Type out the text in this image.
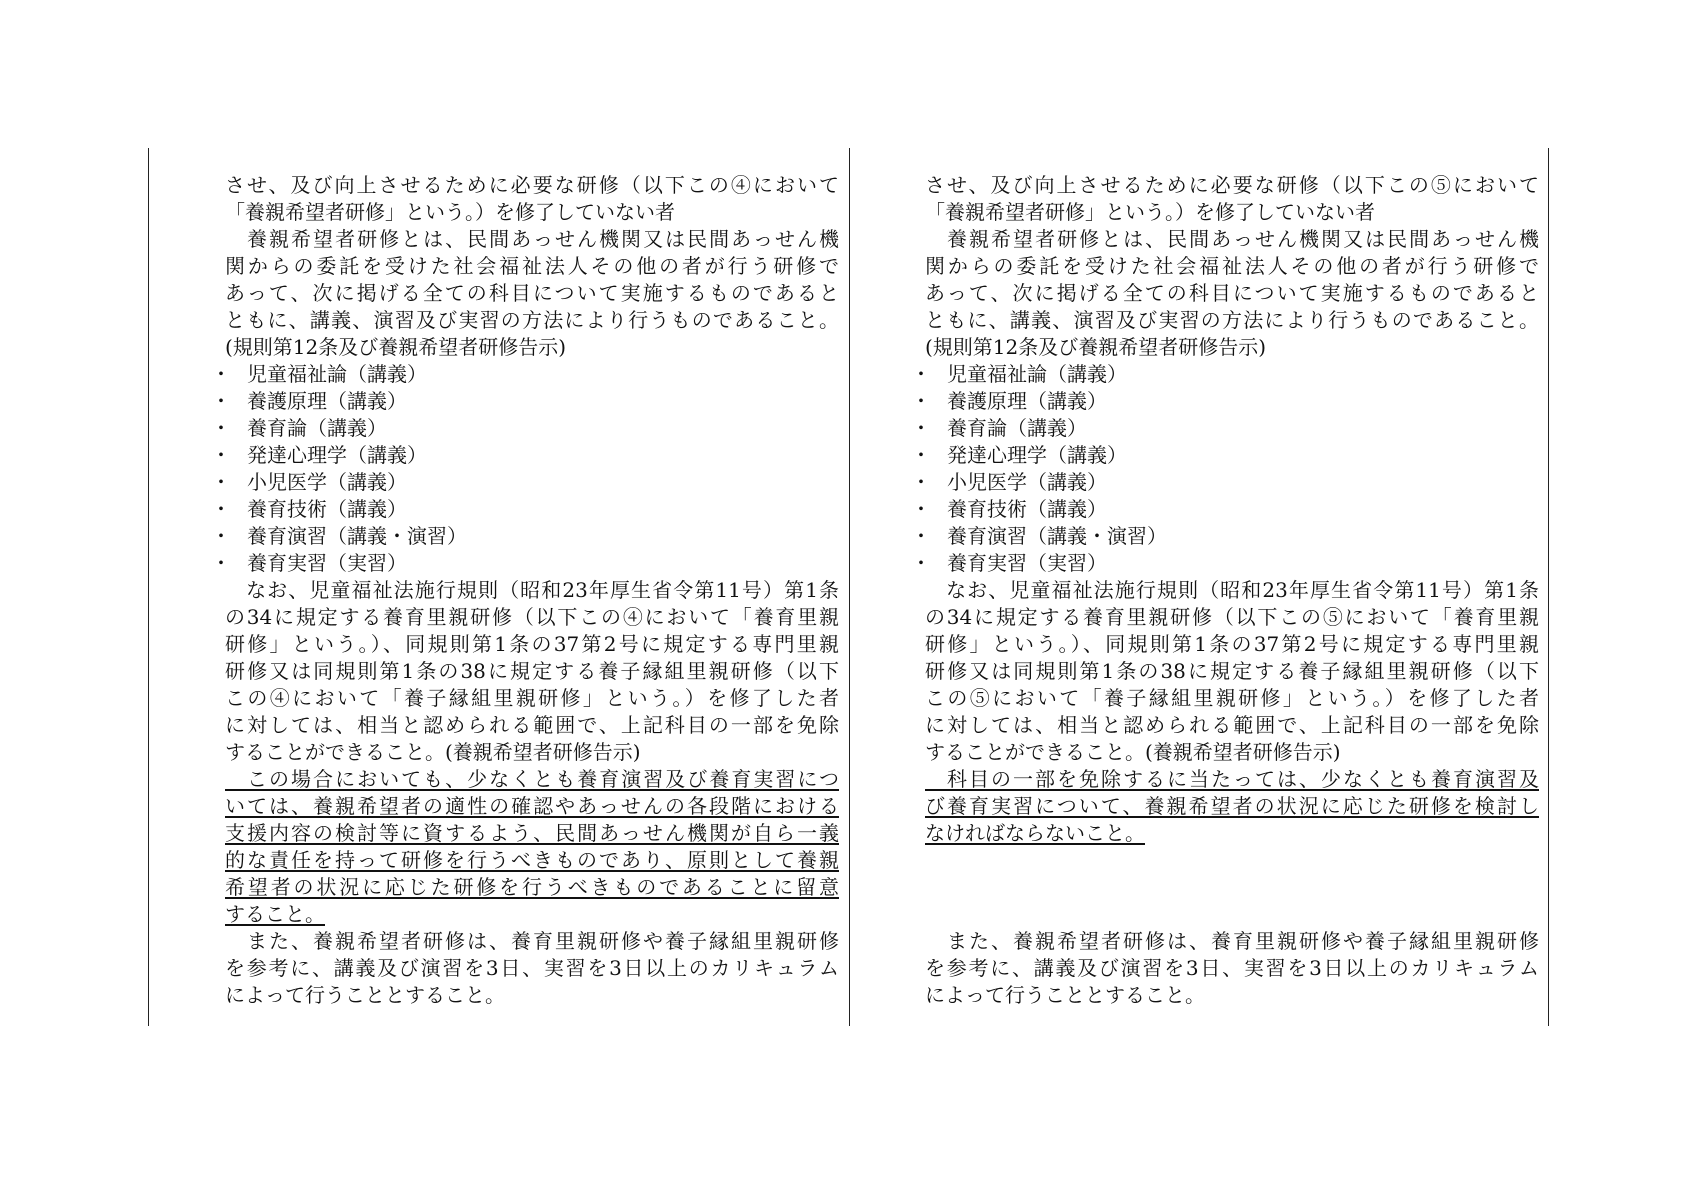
させ、及び向上させるために必要な研修（以下この④において
「養親希望者研修」という。）を修了していない者
　養親希望者研修とは、民間あっせん機関又は民間あっせん機
関からの委託を受けた社会福祉法人その他の者が行う研修で
あって、次に掲げる全ての科目について実施するものであると
ともに、講義、演習及び実習の方法により行うものであること。
(規則第12条及び養親希望者研修告示)
・ 児童福祉論（講義）
・ 養護原理（講義）
・ 養育論（講義）
・ 発達心理学（講義）
・ 小児医学（講義）
・ 養育技術（講義）
・ 養育演習（講義・演習）
・ 養育実習（実習）
　なお、児童福祉法施行規則（昭和23年厚生省令第11号）第1条
の34に規定する養育里親研修（以下この④において「養育里親
研修」という。）、同規則第1条の37第2号に規定する専門里親
研修又は同規則第1条の38に規定する養子縁組里親研修（以下
この④において「養子縁組里親研修」という。）を修了した者
に対しては、相当と認められる範囲で、上記科目の一部を免除
することができること。(養親希望者研修告示)
　この場合においても、少なくとも養育演習及び養育実習につ
いては、養親希望者の適性の確認やあっせんの各段階における
支援内容の検討等に資するよう、民間あっせん機関が自ら一義
的な責任を持って研修を行うべきものであり、原則として養親
希望者の状況に応じた研修を行うべきものであることに留意
すること。
　また、養親希望者研修は、養育里親研修や養子縁組里親研修
を参考に、講義及び演習を3日、実習を3日以上のカリキュラム
によって行うこととすること。

させ、及び向上させるために必要な研修（以下この⑤において
「養親希望者研修」という。）を修了していない者
　養親希望者研修とは、民間あっせん機関又は民間あっせん機
関からの委託を受けた社会福祉法人その他の者が行う研修で
あって、次に掲げる全ての科目について実施するものであると
ともに、講義、演習及び実習の方法により行うものであること。
(規則第12条及び養親希望者研修告示)
・ 児童福祉論（講義）
・ 養護原理（講義）
・ 養育論（講義）
・ 発達心理学（講義）
・ 小児医学（講義）
・ 養育技術（講義）
・ 養育演習（講義・演習）
・ 養育実習（実習）
　なお、児童福祉法施行規則（昭和23年厚生省令第11号）第1条
の34に規定する養育里親研修（以下この⑤において「養育里親
研修」という。）、同規則第1条の37第2号に規定する専門里親
研修又は同規則第1条の38に規定する養子縁組里親研修（以下
この⑤において「養子縁組里親研修」という。）を修了した者
に対しては、相当と認められる範囲で、上記科目の一部を免除
することができること。(養親希望者研修告示)
　科目の一部を免除するに当たっては、少なくとも養育演習及
び養育実習について、養親希望者の状況に応じた研修を検討し
なければならないこと。
　また、養親希望者研修は、養育里親研修や養子縁組里親研修
を参考に、講義及び演習を3日、実習を3日以上のカリキュラム
によって行うこととすること。
